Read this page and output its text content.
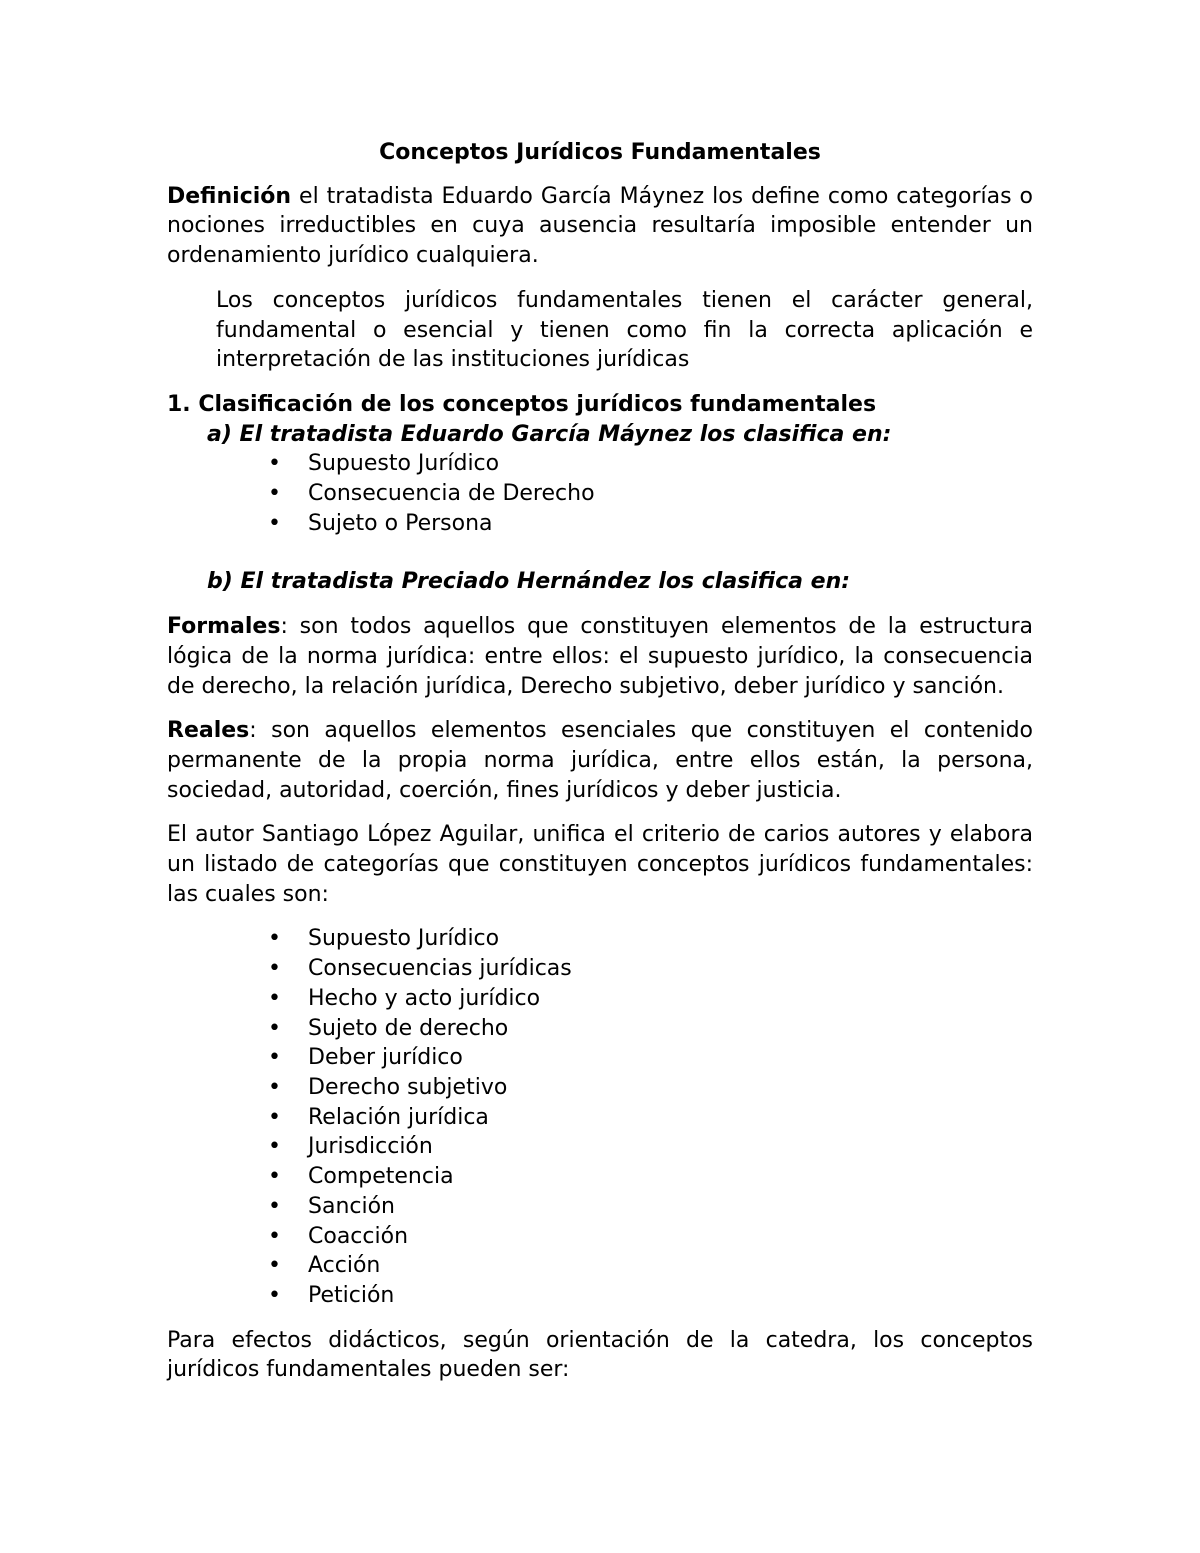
Conceptos Jurídicos Fundamentales

Definición el tratadista Eduardo García Máynez los define como categorías o nociones irreductibles en cuya ausencia resultaría imposible entender un ordenamiento jurídico cualquiera.

Los conceptos jurídicos fundamentales tienen el carácter general, fundamental o esencial y tienen como fin la correcta aplicación e interpretación de las instituciones jurídicas

1. Clasificación de los conceptos jurídicos fundamentales
a) El tratadista Eduardo García Máynez los clasifica en:
• Supuesto Jurídico
• Consecuencia de Derecho
• Sujeto o Persona
b) El tratadista Preciado Hernández los clasifica en:

Formales: son todos aquellos que constituyen elementos de la estructura lógica de la norma jurídica: entre ellos: el supuesto jurídico, la consecuencia de derecho, la relación jurídica, Derecho subjetivo, deber jurídico y sanción.

Reales: son aquellos elementos esenciales que constituyen el contenido permanente de la propia norma jurídica, entre ellos están, la persona, sociedad, autoridad, coerción, fines jurídicos y deber justicia.

El autor Santiago López Aguilar, unifica el criterio de carios autores y elabora un listado de categorías que constituyen conceptos jurídicos fundamentales: las cuales son:

• Supuesto Jurídico
• Consecuencias jurídicas
• Hecho y acto jurídico
• Sujeto de derecho
• Deber jurídico
• Derecho subjetivo
• Relación jurídica
• Jurisdicción
• Competencia
• Sanción
• Coacción
• Acción
• Petición

Para efectos didácticos, según orientación de la catedra, los conceptos jurídicos fundamentales pueden ser:
